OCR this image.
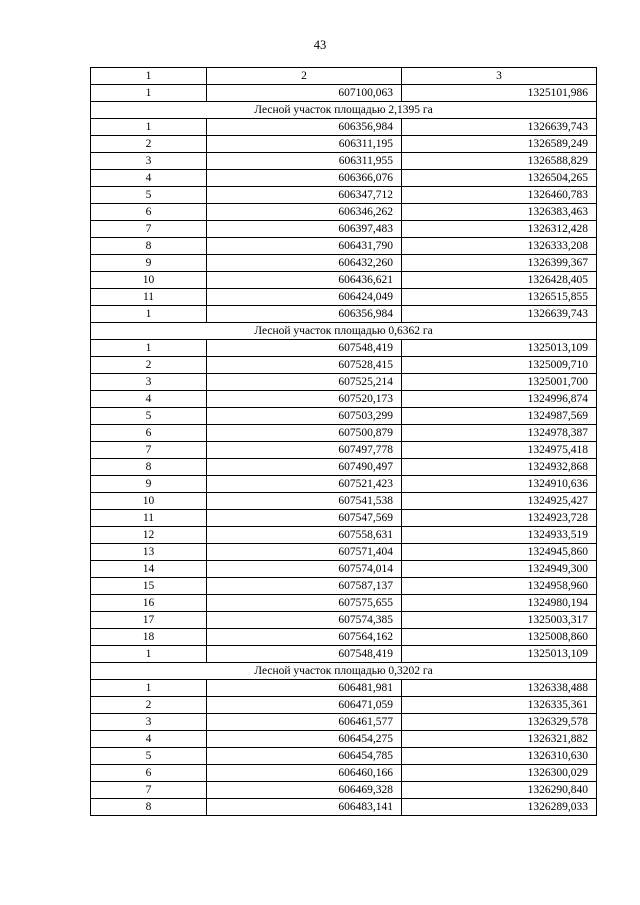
43
1	2	3
1	607100,063	1325101,986
Лесной участок площадью 2,1395 га		
1	606356,984	1326639,743
2	606311,195	1326589,249
3	606311,955	1326588,829
4	606366,076	1326504,265
5	606347,712	1326460,783
6	606346,262	1326383,463
7	606397,483	1326312,428
8	606431,790	1326333,208
9	606432,260	1326399,367
10	606436,621	1326428,405
11	606424,049	1326515,855
1	606356,984	1326639,743
Лесной участок площадью 0,6362 га		
1	607548,419	1325013,109
2	607528,415	1325009,710
3	607525,214	1325001,700
4	607520,173	1324996,874
5	607503,299	1324987,569
6	607500,879	1324978,387
7	607497,778	1324975,418
8	607490,497	1324932,868
9	607521,423	1324910,636
10	607541,538	1324925,427
11	607547,569	1324923,728
12	607558,631	1324933,519
13	607571,404	1324945,860
14	607574,014	1324949,300
15	607587,137	1324958,960
16	607575,655	1324980,194
17	607574,385	1325003,317
18	607564,162	1325008,860
1	607548,419	1325013,109
Лесной участок площадью 0,3202 га		
1	606481,981	1326338,488
2	606471,059	1326335,361
3	606461,577	1326329,578
4	606454,275	1326321,882
5	606454,785	1326310,630
6	606460,166	1326300,029
7	606469,328	1326290,840
8	606483,141	1326289,033
